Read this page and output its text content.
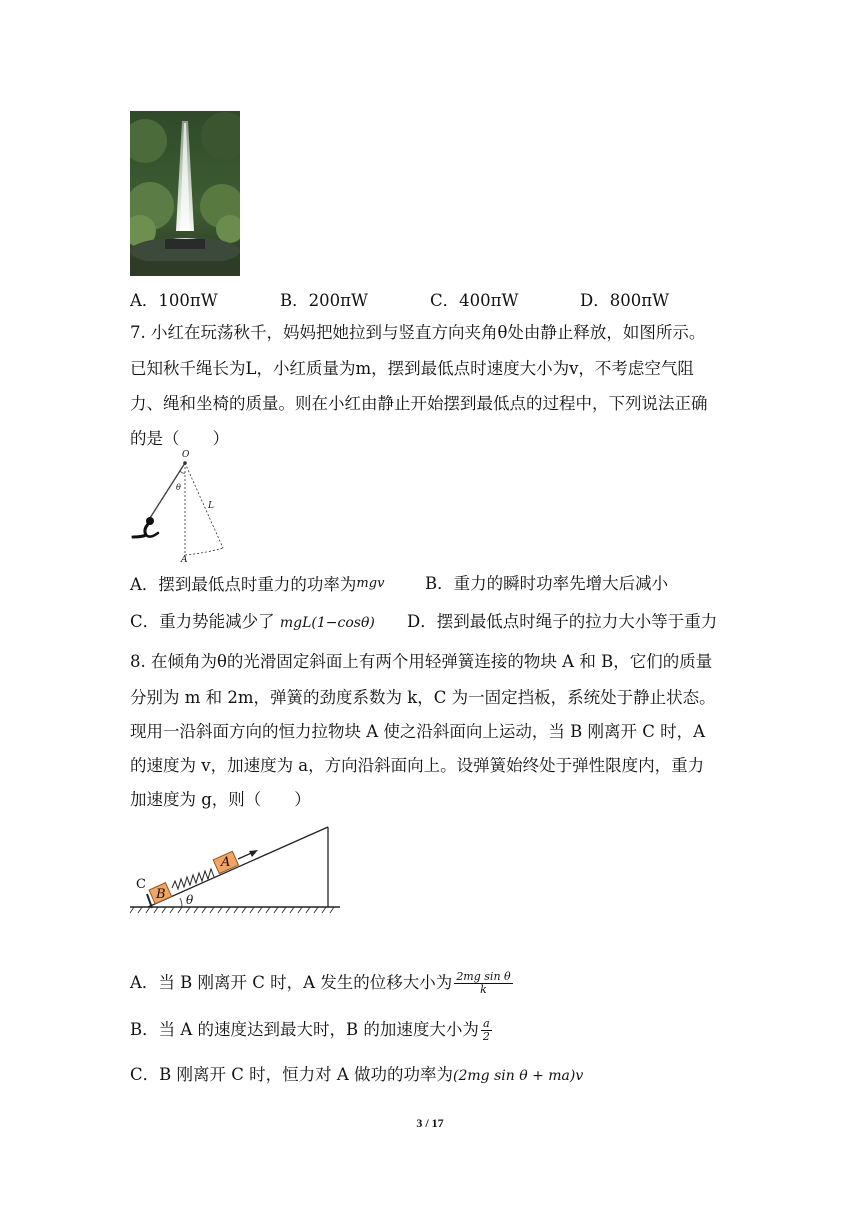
A．100πW	B．200πW	C．400πW	D．800πW
7. 小红在玩荡秋千，妈妈把她拉到与竖直方向夹角θ处由静止释放，如图所示。
已知秋千绳长为L，小红质量为m，摆到最低点时速度大小为v，不考虑空气阻
力、绳和坐椅的质量。则在小红由静止开始摆到最低点的过程中，下列说法正确
的是（　　）
O
θ
L
A
A．摆到最低点时重力的功率为mgv B．重力的瞬时功率先增大后减小
C．重力势能减少了 mgL(1−cosθ) D．摆到最低点时绳子的拉力大小等于重力
8. 在倾角为θ的光滑固定斜面上有两个用轻弹簧连接的物块 A 和 B，它们的质量
分别为 m 和 2m，弹簧的劲度系数为 k，C 为一固定挡板，系统处于静止状态。
现用一沿斜面方向的恒力拉物块 A 使之沿斜面向上运动，当 B 刚离开 C 时，A
的速度为 v，加速度为 a，方向沿斜面向上。设弹簧始终处于弹性限度内，重力
加速度为 g，则（　　）
C
B
A
θ
A．当 B 刚离开 C 时，A 发生的位移大小为 $\frac{\text{2mg sin θ}}{k}$
B．当 A 的速度达到最大时，B 的加速度大小为 $\frac{a}{2}$
C．B 刚离开 C 时，恒力对 A 做功的功率为(2mg sin θ + ma)v
3 / 17
